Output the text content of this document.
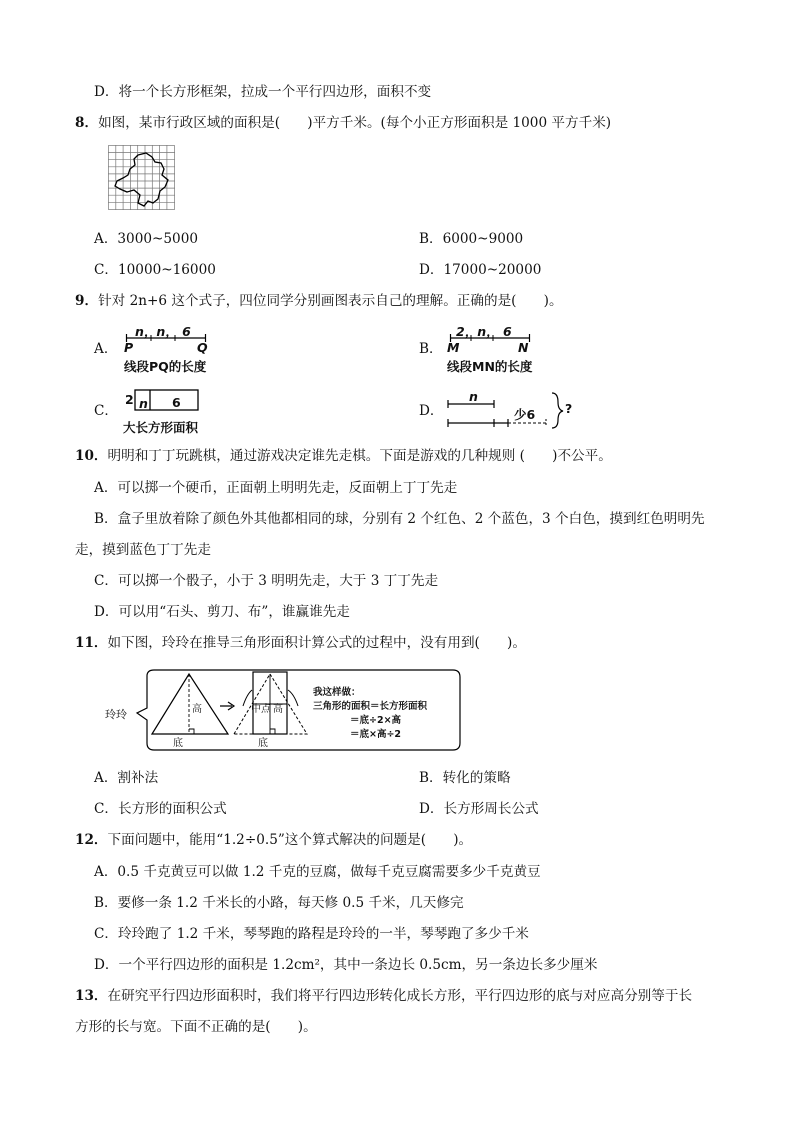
D．将一个长方形框架，拉成一个平行四边形，面积不变
8．如图，某市行政区域的面积是(　　)平方千米。(每个小正方形面积是 1000 平方千米)
A．3000~5000	B．6000~9000
C．10000~16000	D．17000~20000
9．针对 2n+6 这个式子，四位同学分别画图表示自己的理解。正确的是(　　)。
A．
n，n， 6
P	Q
线段PQ的长度
B．
2，n， 6
M	N
线段MN的长度
C．
2 n 6
大长方形面积
D．
n
少6 ?
10．明明和丁丁玩跳棋，通过游戏决定谁先走棋。下面是游戏的几种规则 (　　)不公平。
A．可以掷一个硬币，正面朝上明明先走，反面朝上丁丁先走
B．盒子里放着除了颜色外其他都相同的球，分别有 2 个红色、2 个蓝色，3 个白色，摸到红色明明先
走，摸到蓝色丁丁先走
C．可以掷一个骰子，小于 3 明明先走，大于 3 丁丁先走
D．可以用“石头、剪刀、布”，谁赢谁先走
11．如下图，玲玲在推导三角形面积计算公式的过程中，没有用到(　　)。
玲玲	高
底
中点 高
底
我这样做：
三角形的面积＝长方形面积
＝底÷2×高
＝底×高÷2
A．割补法	B．转化的策略
C．长方形的面积公式	D．长方形周长公式
12．下面问题中，能用“1.2÷0.5”这个算式解决的问题是(　　)。
A．0.5 千克黄豆可以做 1.2 千克的豆腐，做每千克豆腐需要多少千克黄豆
B．要修一条 1.2 千米长的小路，每天修 0.5 千米，几天修完
C．玲玲跑了 1.2 千米，琴琴跑的路程是玲玲的一半，琴琴跑了多少千米
D．一个平行四边形的面积是 1.2cm²，其中一条边长 0.5cm，另一条边长多少厘米
13．在研究平行四边形面积时，我们将平行四边形转化成长方形，平行四边形的底与对应高分别等于长
方形的长与宽。下面不正确的是(　　)。
